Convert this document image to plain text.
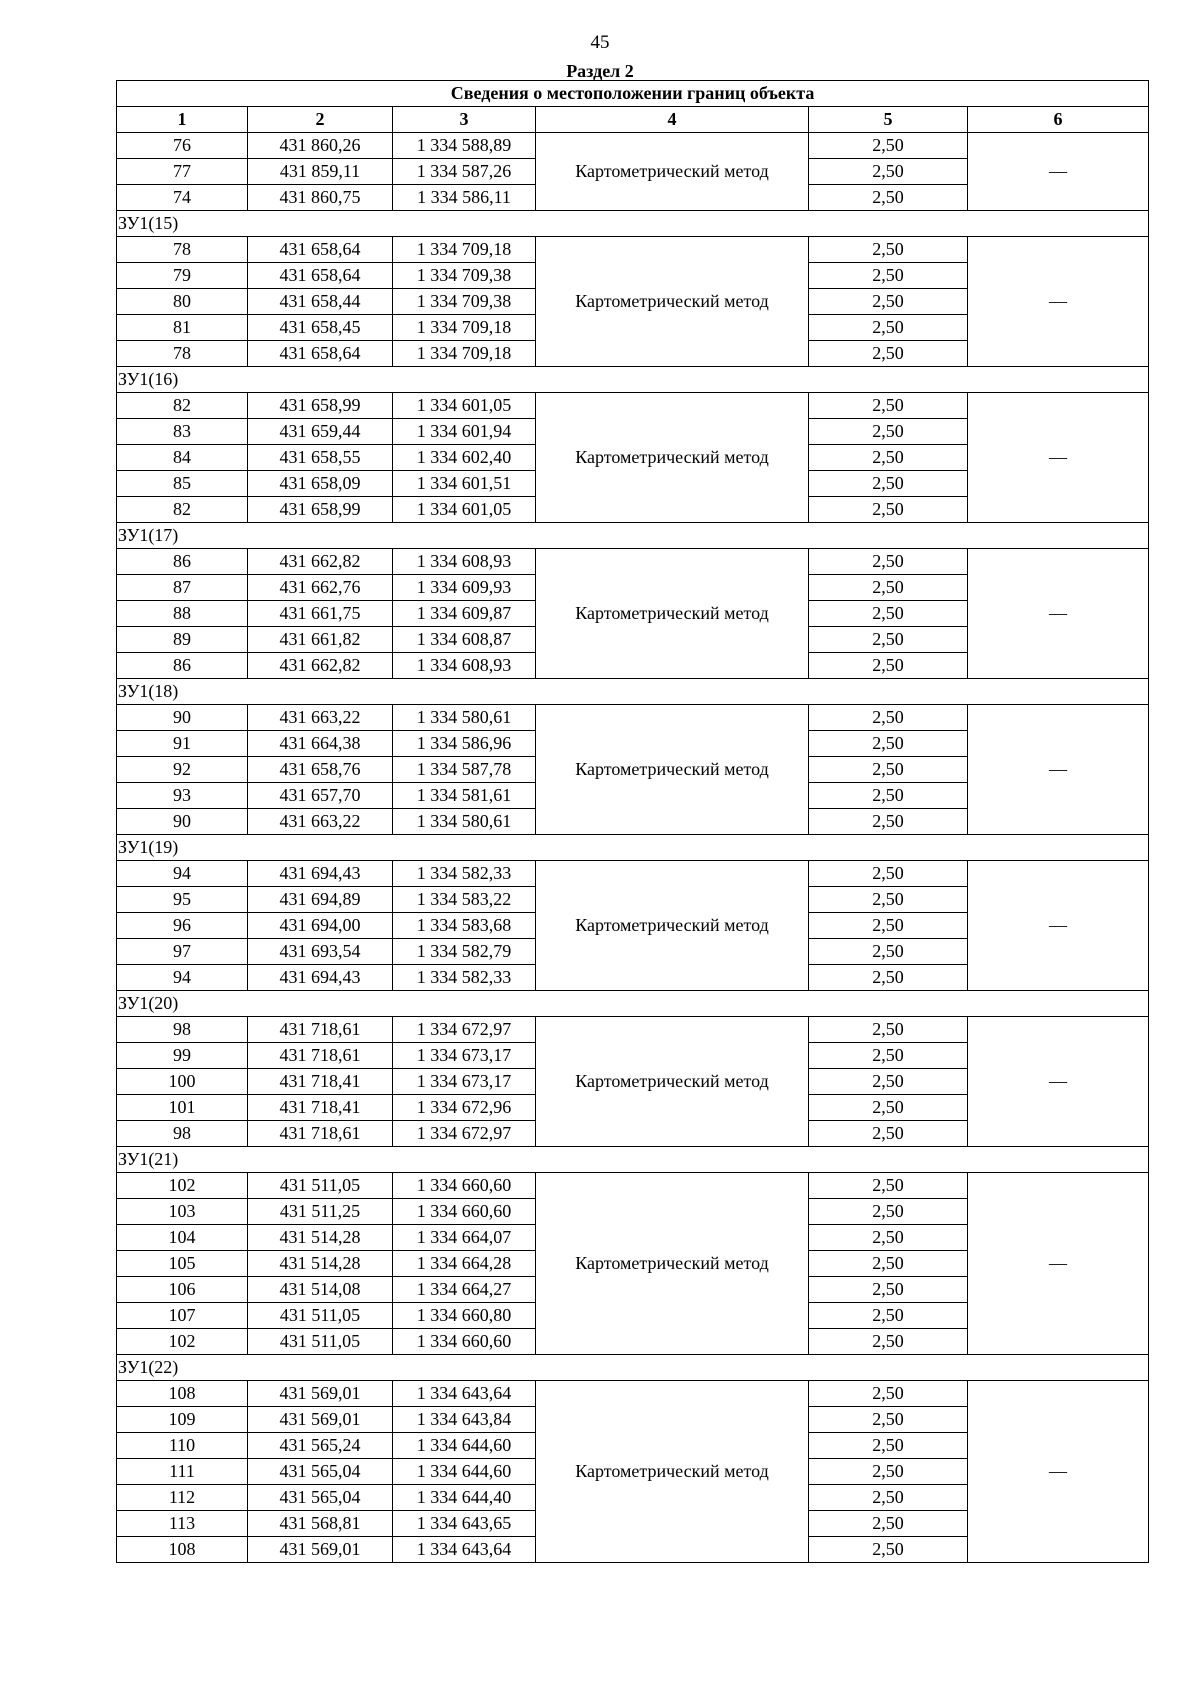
45
Раздел 2
Сведения о местоположении границ объекта					
1	2	3	4	5	6
76	431 860,26	1 334 588,89	Картометрический метод	2,50	—
77	431 859,11	1 334 587,26		2,50	
74	431 860,75	1 334 586,11		2,50	
ЗУ1(15)					
78	431 658,64	1 334 709,18	Картометрический метод	2,50	—
79	431 658,64	1 334 709,38		2,50	
80	431 658,44	1 334 709,38		2,50	
81	431 658,45	1 334 709,18		2,50	
78	431 658,64	1 334 709,18		2,50	
ЗУ1(16)					
82	431 658,99	1 334 601,05	Картометрический метод	2,50	—
83	431 659,44	1 334 601,94		2,50	
84	431 658,55	1 334 602,40		2,50	
85	431 658,09	1 334 601,51		2,50	
82	431 658,99	1 334 601,05		2,50	
ЗУ1(17)					
86	431 662,82	1 334 608,93	Картометрический метод	2,50	—
87	431 662,76	1 334 609,93		2,50	
88	431 661,75	1 334 609,87		2,50	
89	431 661,82	1 334 608,87		2,50	
86	431 662,82	1 334 608,93		2,50	
ЗУ1(18)					
90	431 663,22	1 334 580,61	Картометрический метод	2,50	—
91	431 664,38	1 334 586,96		2,50	
92	431 658,76	1 334 587,78		2,50	
93	431 657,70	1 334 581,61		2,50	
90	431 663,22	1 334 580,61		2,50	
ЗУ1(19)					
94	431 694,43	1 334 582,33	Картометрический метод	2,50	—
95	431 694,89	1 334 583,22		2,50	
96	431 694,00	1 334 583,68		2,50	
97	431 693,54	1 334 582,79		2,50	
94	431 694,43	1 334 582,33		2,50	
ЗУ1(20)					
98	431 718,61	1 334 672,97	Картометрический метод	2,50	—
99	431 718,61	1 334 673,17		2,50	
100	431 718,41	1 334 673,17		2,50	
101	431 718,41	1 334 672,96		2,50	
98	431 718,61	1 334 672,97		2,50	
ЗУ1(21)					
102	431 511,05	1 334 660,60	Картометрический метод	2,50	—
103	431 511,25	1 334 660,60		2,50	
104	431 514,28	1 334 664,07		2,50	
105	431 514,28	1 334 664,28		2,50	
106	431 514,08	1 334 664,27		2,50	
107	431 511,05	1 334 660,80		2,50	
102	431 511,05	1 334 660,60		2,50	
ЗУ1(22)					
108	431 569,01	1 334 643,64	Картометрический метод	2,50	—
109	431 569,01	1 334 643,84		2,50	
110	431 565,24	1 334 644,60		2,50	
111	431 565,04	1 334 644,60		2,50	
112	431 565,04	1 334 644,40		2,50	
113	431 568,81	1 334 643,65		2,50	
108	431 569,01	1 334 643,64		2,50	
